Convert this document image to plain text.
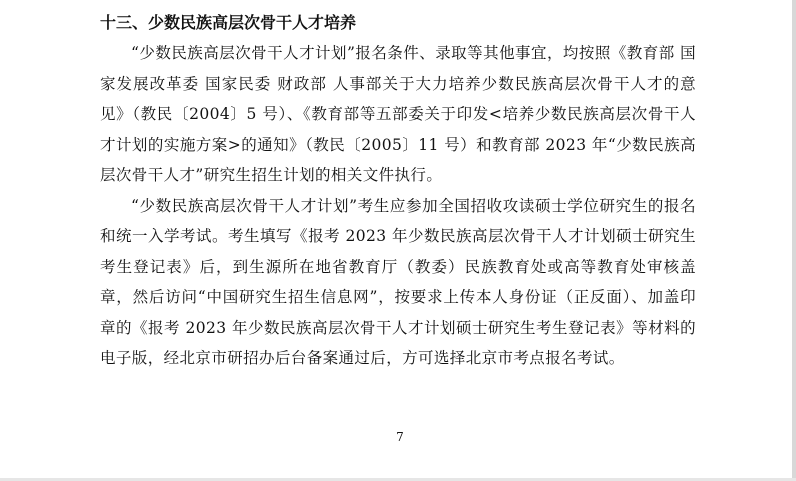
十三、少数民族高层次骨干人才培养

“少数民族高层次骨干人才计划”报名条件、录取等其他事宜，均按照《教育部 国家发展改革委 国家民委 财政部 人事部关于大力培养少数民族高层次骨干人才的意见》（教民〔2004〕5 号）、《教育部等五部委关于印发<培养少数民族高层次骨干人才计划的实施方案>的通知》（教民〔2005〕11 号）和教育部 2023 年“少数民族高层次骨干人才”研究生招生计划的相关文件执行。

“少数民族高层次骨干人才计划”考生应参加全国招收攻读硕士学位研究生的报名和统一入学考试。考生填写《报考 2023 年少数民族高层次骨干人才计划硕士研究生考生登记表》后，到生源所在地省教育厅（教委）民族教育处或高等教育处审核盖章，然后访问“中国研究生招生信息网”，按要求上传本人身份证（正反面）、加盖印章的《报考 2023 年少数民族高层次骨干人才计划硕士研究生考生登记表》等材料的电子版，经北京市研招办后台备案通过后，方可选择北京市考点报名考试。

7
